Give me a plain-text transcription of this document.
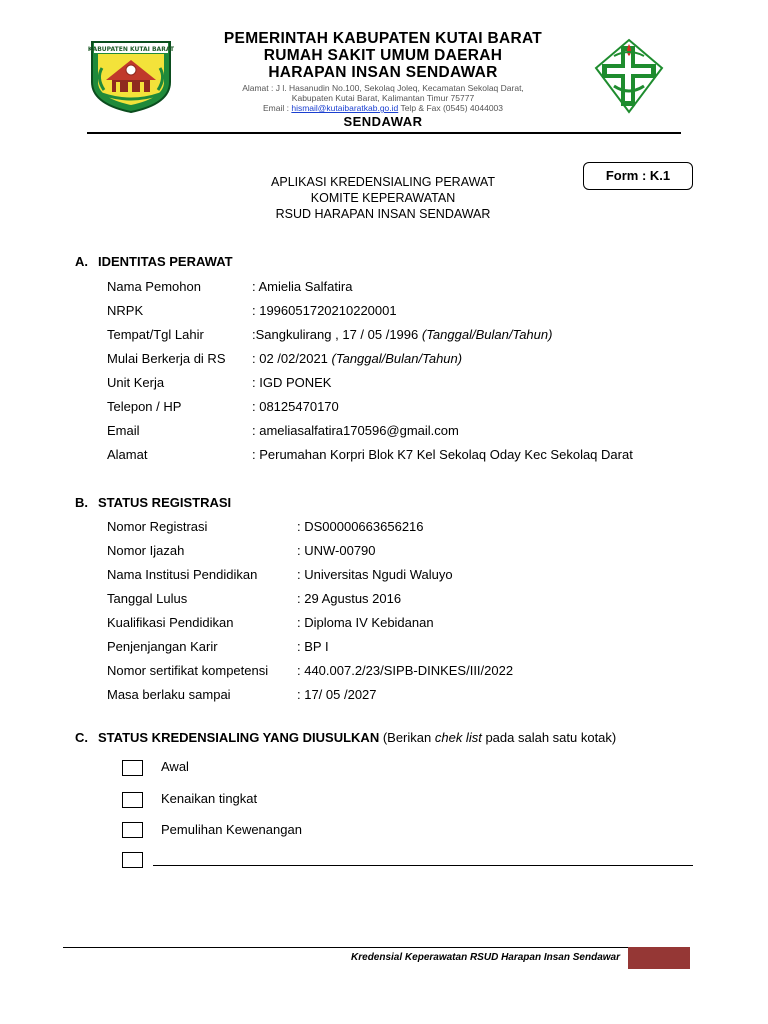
KABUPATEN KUTAI BARAT
PEMERINTAH KABUPATEN KUTAI BARAT
RUMAH SAKIT UMUM DAERAH
HARAPAN INSAN SENDAWAR
Alamat : J l. Hasanudin No.100, Sekolaq Joleq, Kecamatan Sekolaq Darat,
Kabupaten Kutai Barat, Kalimantan Timur 75777
Email : hismail@kutaibaratkab.go.id Telp & Fax (0545) 4044003
SENDAWAR
Form : K.1
APLIKASI KREDENSIALING PERAWAT
KOMITE KEPERAWATAN
RSUD HARAPAN INSAN SENDAWAR
A. IDENTITAS PERAWAT
Nama Pemohon	: Amielia Salfatira
NRPK	: 1996051720210220001
Tempat/Tgl Lahir	:Sangkulirang , 17 / 05 /1996 (Tanggal/Bulan/Tahun)
Mulai Berkerja di RS : 02 /02/2021 (Tanggal/Bulan/Tahun)
Unit Kerja	: IGD PONEK
Telepon / HP	: 08125470170
Email	: ameliasalfatira170596@gmail.com
Alamat	: Perumahan Korpri Blok K7 Kel Sekolaq Oday Kec Sekolaq Darat
B. STATUS REGISTRASI
Nomor Registrasi	: DS00000663656216
Nomor Ijazah	: UNW-00790
Nama Institusi Pendidikan	: Universitas Ngudi Waluyo
Tanggal Lulus	: 29 Agustus 2016
Kualifikasi Pendidikan	: Diploma IV Kebidanan
Penjenjangan Karir	: BP I
Nomor sertifikat kompetensi : 440.007.2/23/SIPB-DINKES/III/2022
Masa berlaku sampai	: 17/ 05 /2027
C. STATUS KREDENSIALING YANG DIUSULKAN (Berikan chek list pada salah satu kotak)
Awal
Kenaikan tingkat
Pemulihan Kewenangan
Kredensial Keperawatan RSUD Harapan Insan Sendawar
